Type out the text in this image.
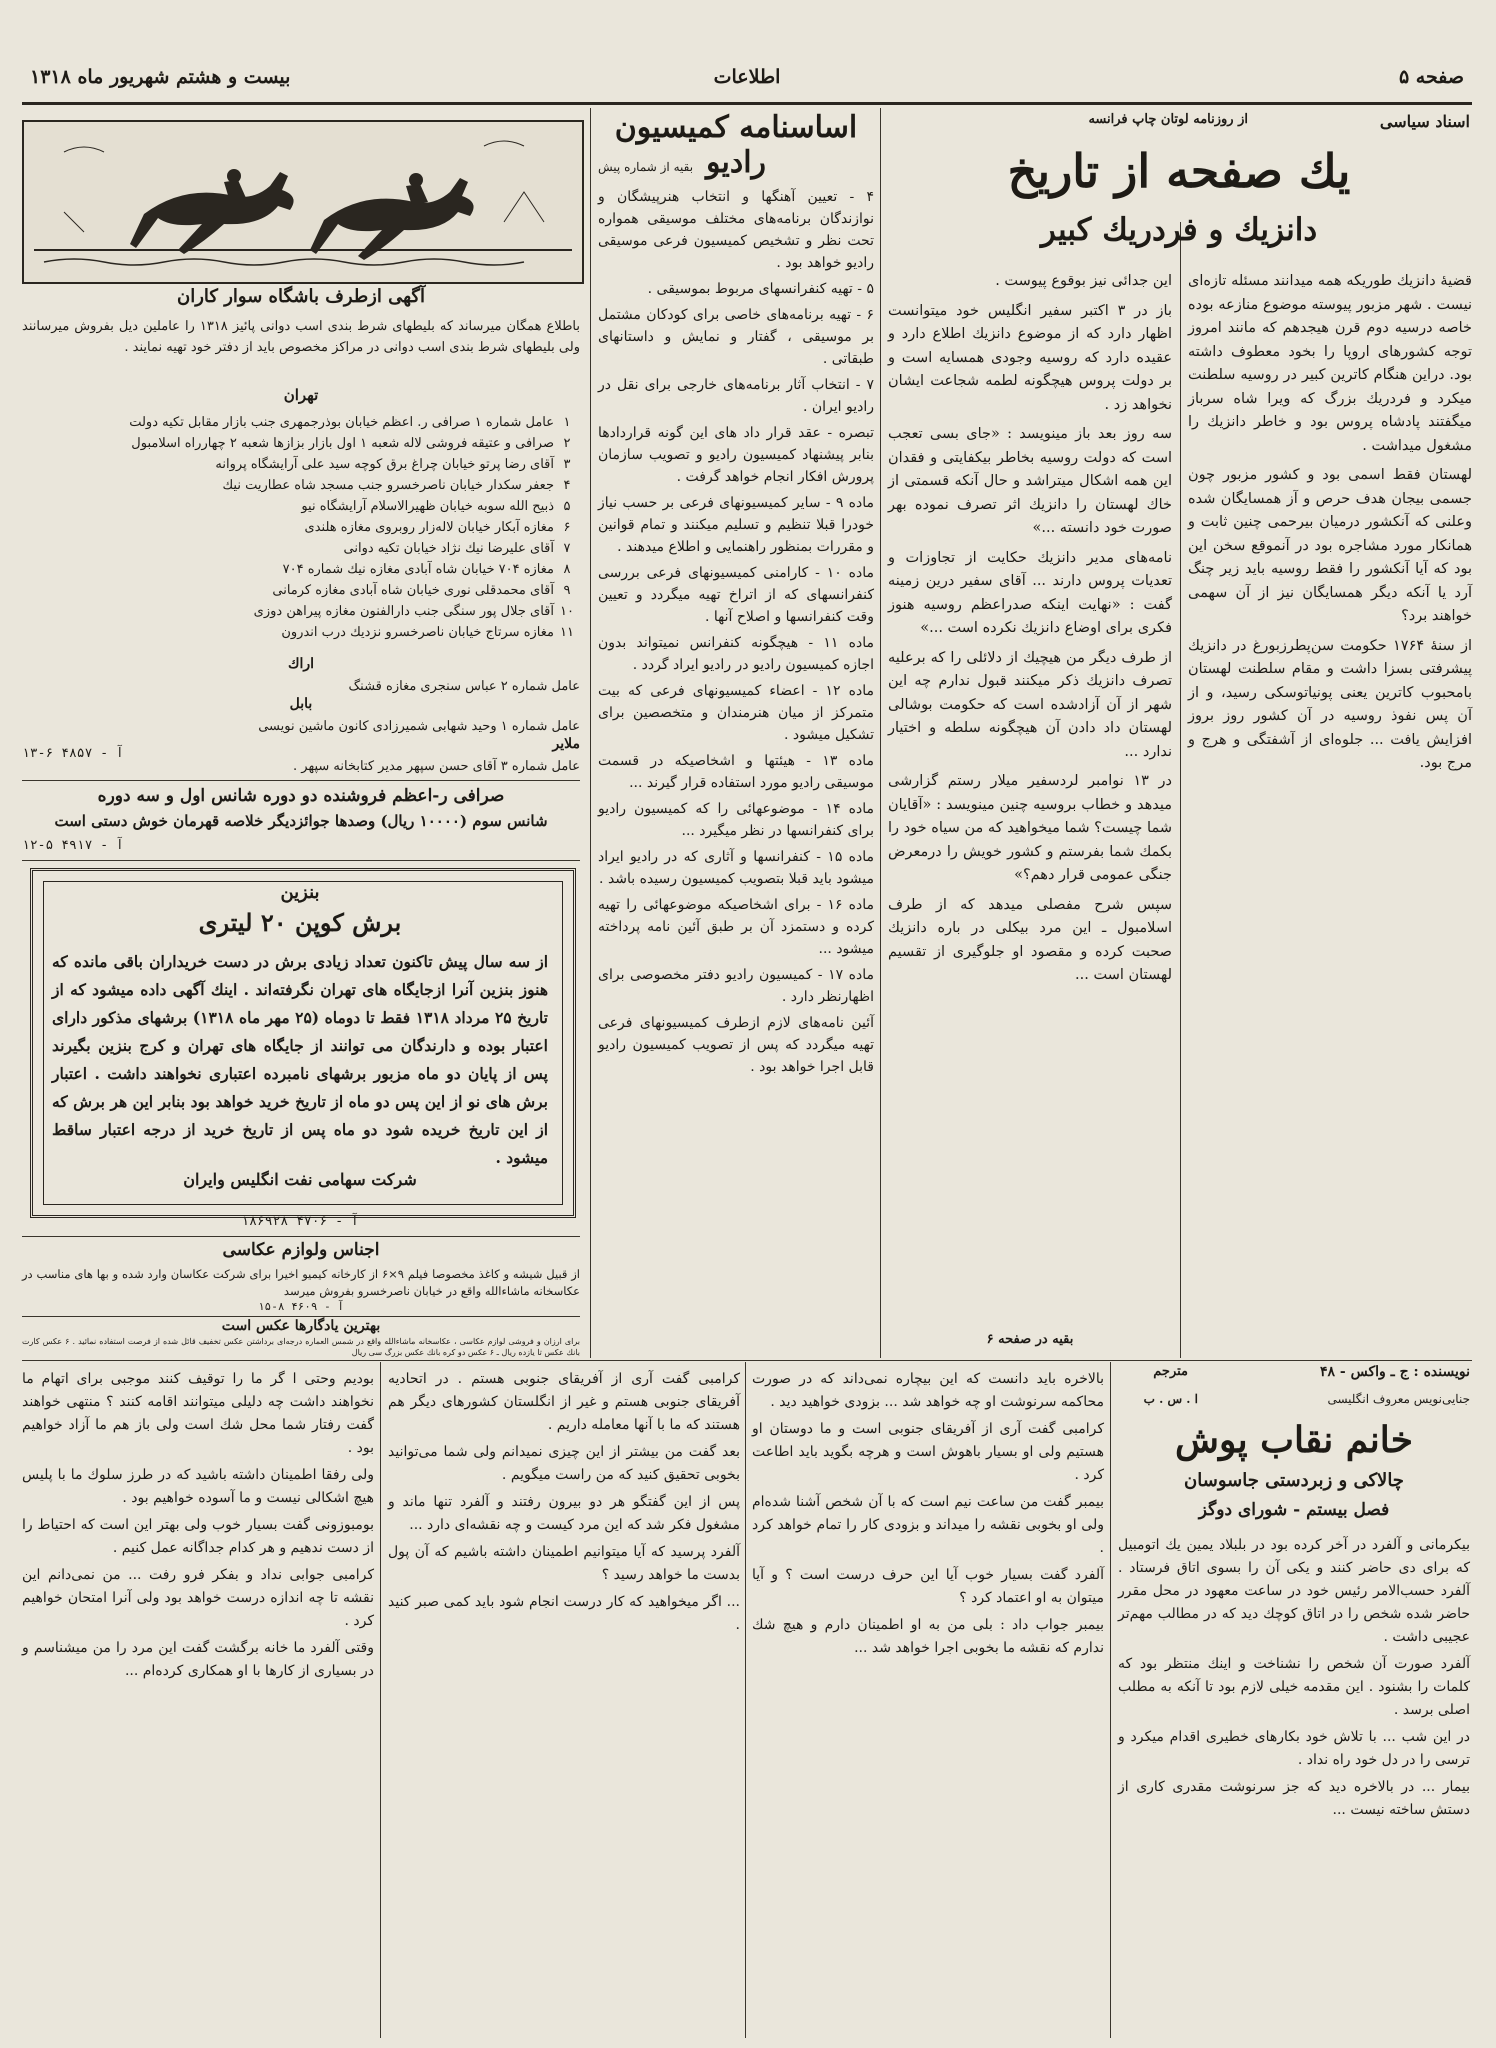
صفحه ۵
اطلاعات
بیست و هشتم شهریور ماه ۱۳۱۸
اسناد سیاسی
از روزنامه لوتان چاپ فرانسه
یك صفحه از تاریخ
دانزیك و فردریك كبیر

قضیهٔ دانزیك طوریكه همه میدانند مسئله تازه‌ای نیست . شهر مزبور پیوسته موضوع منازعه بوده خاصه درسیه دوم قرن هیجدهم كه مانند امروز توجه كشورهای اروپا را بخود معطوف داشته بود. دراین هنگام كاترین كبیر در روسیه سلطنت میكرد و فردریك بزرگ كه ویرا شاه سرباز میگفتند پادشاه پروس بود و خاطر دانزیك را مشغول میداشت .

لهستان فقط اسمی بود و كشور مزبور چون جسمی بیجان هدف حرص و آز همسایگان شده وعلنی كه آنكشور درمیان بیرحمی چنین ثابت و همانكار مورد مشاجره بود در آنموقع سخن این بود كه آیا آنكشور را فقط روسیه باید زیر چنگ آرد یا آنكه دیگر همسایگان نیز از آن سهمی خواهند برد؟

از سنهٔ ۱۷۶۴ حكومت سن‌پطرزبورغ در دانزیك پیشرفتی بسزا داشت و مقام سلطنت لهستان بامحبوب كاترین یعنی پونیاتوسكی رسید، و از آن پس نفوذ روسیه در آن كشور روز بروز افزایش یافت ... جلوه‌ای از آشفتگی و هرج و مرج بود.

این جدائی نیز بوقوع پیوست .

باز در ۳ اكتبر سفیر انگلیس خود میتوانست اظهار دارد كه از موضوع دانزیك اطلاع دارد و عقیده دارد كه روسیه وجودی همسایه است و بر دولت پروس هیچگونه لطمه شجاعت ایشان نخواهد زد .

سه روز بعد باز مینویسد : «جای بسی تعجب است كه دولت روسیه بخاطر بیكفایتی و فقدان این همه اشكال میتراشد و حال آنكه قسمتی از خاك لهستان را دانزیك اثر تصرف نموده بهر صورت خود دانسته ...»

نامه‌های مدیر دانزیك حكایت از تجاوزات و تعدیات پروس دارند ... آقای سفیر درین زمینه گفت : «نهایت اینكه صدراعظم روسیه هنوز فكری برای اوضاع دانزیك نكرده است ...»

از طرف دیگر من هیچیك از دلائلی را كه برعلیه تصرف دانزیك ذكر میكنند قبول ندارم چه این شهر از آن آزادشده است كه حكومت بوشالی لهستان داد دادن آن هیچگونه سلطه و اختیار ندارد ...

در ۱۳ نوامبر لردسفیر میلار رستم گزارشی میدهد و خطاب بروسیه چنین مینویسد : «آقایان شما چیست؟ شما میخواهید كه من سیاه خود را بكمك شما بفرستم و كشور خویش را درمعرض جنگی عمومی قرار دهم؟»

سپس شرح مفصلی میدهد كه از طرف اسلامبول ـ این مرد بیكلی در باره دانزیك صحبت كرده و مقصود او جلوگیری از تقسیم لهستان است ...

بقیه در صفحه ۶
اساسنامه كمیسیون رادیو
بقیه از شماره پیش

۴ - تعیین آهنگها و انتخاب هنرپیشگان و نوازندگان برنامه‌های مختلف موسیقی همواره تحت نظر و تشخیص كمیسیون فرعی موسیقی رادیو خواهد بود .

۵ - تهیه كنفرانسهای مربوط بموسیقی .

۶ - تهیه برنامه‌های خاصی برای كودكان مشتمل بر موسیقی ، گفتار و نمایش و داستانهای طبقاتی .

۷ - انتخاب آثار برنامه‌های خارجی برای نقل در رادیو ایران .

تبصره - عقد قرار داد های این گونه قراردادها بنابر پیشنهاد كمیسیون رادیو و تصویب سازمان پرورش افكار انجام خواهد گرفت .

ماده ۹ - سایر كمیسیونهای فرعی بر حسب نیاز خودرا قبلا تنظیم و تسلیم میكنند و تمام قوانین و مقررات بمنظور راهنمایی و اطلاع میدهند .

ماده ۱۰ - كارامنی كمیسیونهای فرعی بررسی كنفرانسهای كه از اتراخ تهیه میگردد و تعیین وقت كنفرانسها و اصلاح آنها .

ماده ۱۱ - هیچگونه كنفرانس نمیتواند بدون اجازه كمیسیون رادیو در رادیو ایراد گردد .

ماده ۱۲ - اعضاء كمیسیونهای فرعی كه بیت متمرکز از میان هنرمندان و متخصصین برای تشكیل میشود .

ماده ۱۳ - هیئتها و اشخاصیكه در قسمت موسیقی رادیو مورد استفاده قرار گیرند ...

ماده ۱۴ - موضوعهائی را كه كمیسیون رادیو برای كنفرانسها در نظر میگیرد ...

ماده ۱۵ - كنفرانسها و آثاری كه در رادیو ایراد میشود باید قبلا بتصویب كمیسیون رسیده باشد .

ماده ۱۶ - برای اشخاصیكه موضوعهائی را تهیه كرده و دستمزد آن بر طبق آئین نامه پرداخته میشود ...

ماده ۱۷ - كمیسیون رادیو دفتر مخصوصی برای اظهارنظر دارد .

آئین نامه‌های لازم ازطرف كمیسیونهای فرعی تهیه میگردد كه پس از تصویب كمیسیون رادیو قابل اجرا خواهد بود .

آگهی ازطرف باشگاه سوار كاران
باطلاع همگان میرساند كه بلیطهای شرط بندی اسب دوانی پائیز ۱۳۱۸ را عاملین دیل بفروش میرسانند ولی بلیطهای شرط بندی اسب دوانی در مراكز مخصوص باید از دفتر خود تهیه نمایند .
تهران
۱
عامل شماره ۱ صرافی ر. اعظم خیابان بوذرجمهری جنب بازار مقابل تكیه دولت
۲
صرافی و عتیقه فروشی لاله شعبه ۱ اول بازار بزازها شعبه ۲ چهارراه اسلامبول
۳
آقای رضا پرتو خیابان چراغ برق كوچه سید علی آرایشگاه پروانه
۴
جعفر سكدار خیابان ناصرخسرو جنب مسجد شاه عطاریت نیك
۵
ذبیح الله سوبه خیابان ظهیرالاسلام آرایشگاه نیو
۶
مغازه آبكار خیابان لاله‌زار روبروی مغازه هلندی
۷
آقای علیرضا نیك نژاد خیابان تكیه دوانی
۸
مغازه ۷۰۴ خیابان شاه آبادی مغازه نیك شماره ۷۰۴
۹
آقای محمدقلی نوری خیابان شاه آبادی مغازه كرمانی
۱۰
آقای جلال پور سنگی جنب دارالفنون مغازه پیراهن دوزی
۱۱
مغازه سرتاج خیابان ناصرخسرو نزدیك درب اندرون
اراك
عامل شماره ۲ عباس سنجری مغازه قشنگ
بابل
عامل شماره ۱ وحید شهابی شمیرزادی كانون ماشین نویسی
ملایر
عامل شماره ۳ آقای حسن سپهر مدیر كتابخانه سپهر .
آ - ۴۸۵۷ ۶-۱۳
صرافی ر-اعظم فروشنده دو دوره شانس اول و سه دوره
شانس سوم (۱۰۰۰۰ ریال) وصدها جوائزدیگر خلاصه قهرمان خوش دستی است
آ - ۴۹۱۷ ۵-۱۲
بنزین
برش كوپن ۲۰ لیتری
از سه سال پیش تاكنون تعداد زیادی برش در دست خریداران باقی مانده كه هنوز بنزین آنرا ازجایگاه های تهران نگرفته‌اند . اینك آگهی داده میشود كه از تاریخ ۲۵ مرداد ۱۳۱۸ فقط تا دوماه (۲۵ مهر ماه ۱۳۱۸) برشهای مذكور دارای اعتبار بوده و دارندگان می توانند از جایگاه های تهران و كرج بنزین بگیرند پس از پایان دو ماه مزبور برشهای نامبرده اعتباری نخواهند داشت . اعتبار برش های نو از این پس دو ماه از تاریخ خرید خواهد بود بنابر این هر برش كه از این تاریخ خریده شود دو ماه پس از تاریخ خرید از درجه اعتبار ساقط میشود .
شركت سهامی نفت انگلیس وایران
آ - ۴۷۰۶ ۱۸۶۹۲۸
اجناس ولوازم عكاسی
از قبیل شیشه و كاغذ مخصوصا فیلم ۹×۶ از كارخانه كیمیو اخیرا برای شركت عكاسان وارد شده و بها های مناسب در عكاسخانه ماشاءالله واقع در خیابان ناصرخسرو بفروش میرسد
آ - ۴۶۰۹ ۸-۱۵
بهترین یادگارها عكس است
برای ارزان و فروشی لوازم عكاسی ، عكاسخانه ماشاءالله واقع در شمس العماره درجه‌ای برداشتن عكس تخفیف قائل شده از فرصت استفاده نمائید . ۶ عكس كارت بانك عكس تا یازده ریال ـ ۶ عكس دو كره بانك عكس بزرگ سی ریال
مترجم	نویسنده : ج ـ واکس - ۴۸
ا . س . ب	جنایی‌نویس معروف انگلیسی
خانم نقاب پوش
چالاکی و زبردستی جاسوسان
فصل بیستم - شورای دوگز

بیكرمانی و آلفرد در آخر كرده بود در بلبلاد یمین یك اتومبیل كه برای دی حاضر كنند و یکی آن را بسوی اتاق فرستاد . آلفرد حسب‌الامر رئیس خود در ساعت معهود در محل مقرر حاضر شده شخص را در اتاق كوچك دید كه در مطالب مهم‌تر عجیبی داشت .

آلفرد صورت آن شخص را نشناخت و اینك منتظر بود كه كلمات را بشنود . این مقدمه خیلی لازم بود تا آنكه به مطلب اصلی برسد .

در این شب ... با تلاش خود بكارهای خطیری اقدام میكرد و ترسی را در دل خود راه نداد .

بیمار ... در بالاخره دید كه جز سرنوشت مقدری كاری از دستش ساخته نیست ...

بالاخره باید دانست كه این بیچاره نمی‌داند كه در صورت محاکمه سرنوشت او چه خواهد شد ... بزودی خواهید دید .

كرامبی گفت آری از آفریقای جنوبی است و ما دوستان او هستیم ولی او بسیار باهوش است و هرچه بگوید باید اطاعت كرد .

بیمبر گفت من ساعت نیم است كه با آن شخص آشنا شده‌ام ولی او بخوبی نقشه را میداند و بزودی كار را تمام خواهد كرد .

آلفرد گفت بسیار خوب آیا این حرف درست است ؟ و آیا میتوان به او اعتماد كرد ؟

بیمبر جواب داد : بلی من به او اطمینان دارم و هیچ شك ندارم كه نقشه ما بخوبی اجرا خواهد شد ...

كرامبی گفت آری از آفریقای جنوبی هستم . در اتحادیه آفریقای جنوبی هستم و غیر از انگلستان كشورهای دیگر هم هستند كه ما با آنها معامله داریم .

بعد گفت من بیشتر از این چیزی نمیدانم ولی شما می‌توانید بخوبی تحقیق كنید كه من راست میگویم .

پس از این گفتگو هر دو بیرون رفتند و آلفرد تنها ماند و مشغول فكر شد كه این مرد كیست و چه نقشه‌ای دارد ...

آلفرد پرسید كه آیا میتوانیم اطمینان داشته باشیم كه آن پول بدست ما خواهد رسید ؟

... اگر میخواهید كه كار درست انجام شود باید كمی صبر كنید .

بودیم وحتی ا گر ما را توقیف كنند موجبی برای اتهام ما نخواهند داشت چه دلیلی میتوانند اقامه كنند ؟ منتهی خواهند گفت رفتار شما محل شك است ولی باز هم ما آزاد خواهیم بود .

ولی رفقا اطمینان داشته باشید كه در طرز سلوك ما با پلیس هیچ اشكالی نیست و ما آسوده خواهیم بود .

بومبوزونی گفت بسیار خوب ولی بهتر این است كه احتیاط را از دست ندهیم و هر كدام جداگانه عمل كنیم .

كرامبی جوابی نداد و بفكر فرو رفت ... من نمی‌دانم این نقشه تا چه اندازه درست خواهد بود ولی آنرا امتحان خواهیم كرد .

وقتی آلفرد ما خانه برگشت گفت این مرد را من میشناسم و در بسیاری از كارها با او همكاری كرده‌ام ...
